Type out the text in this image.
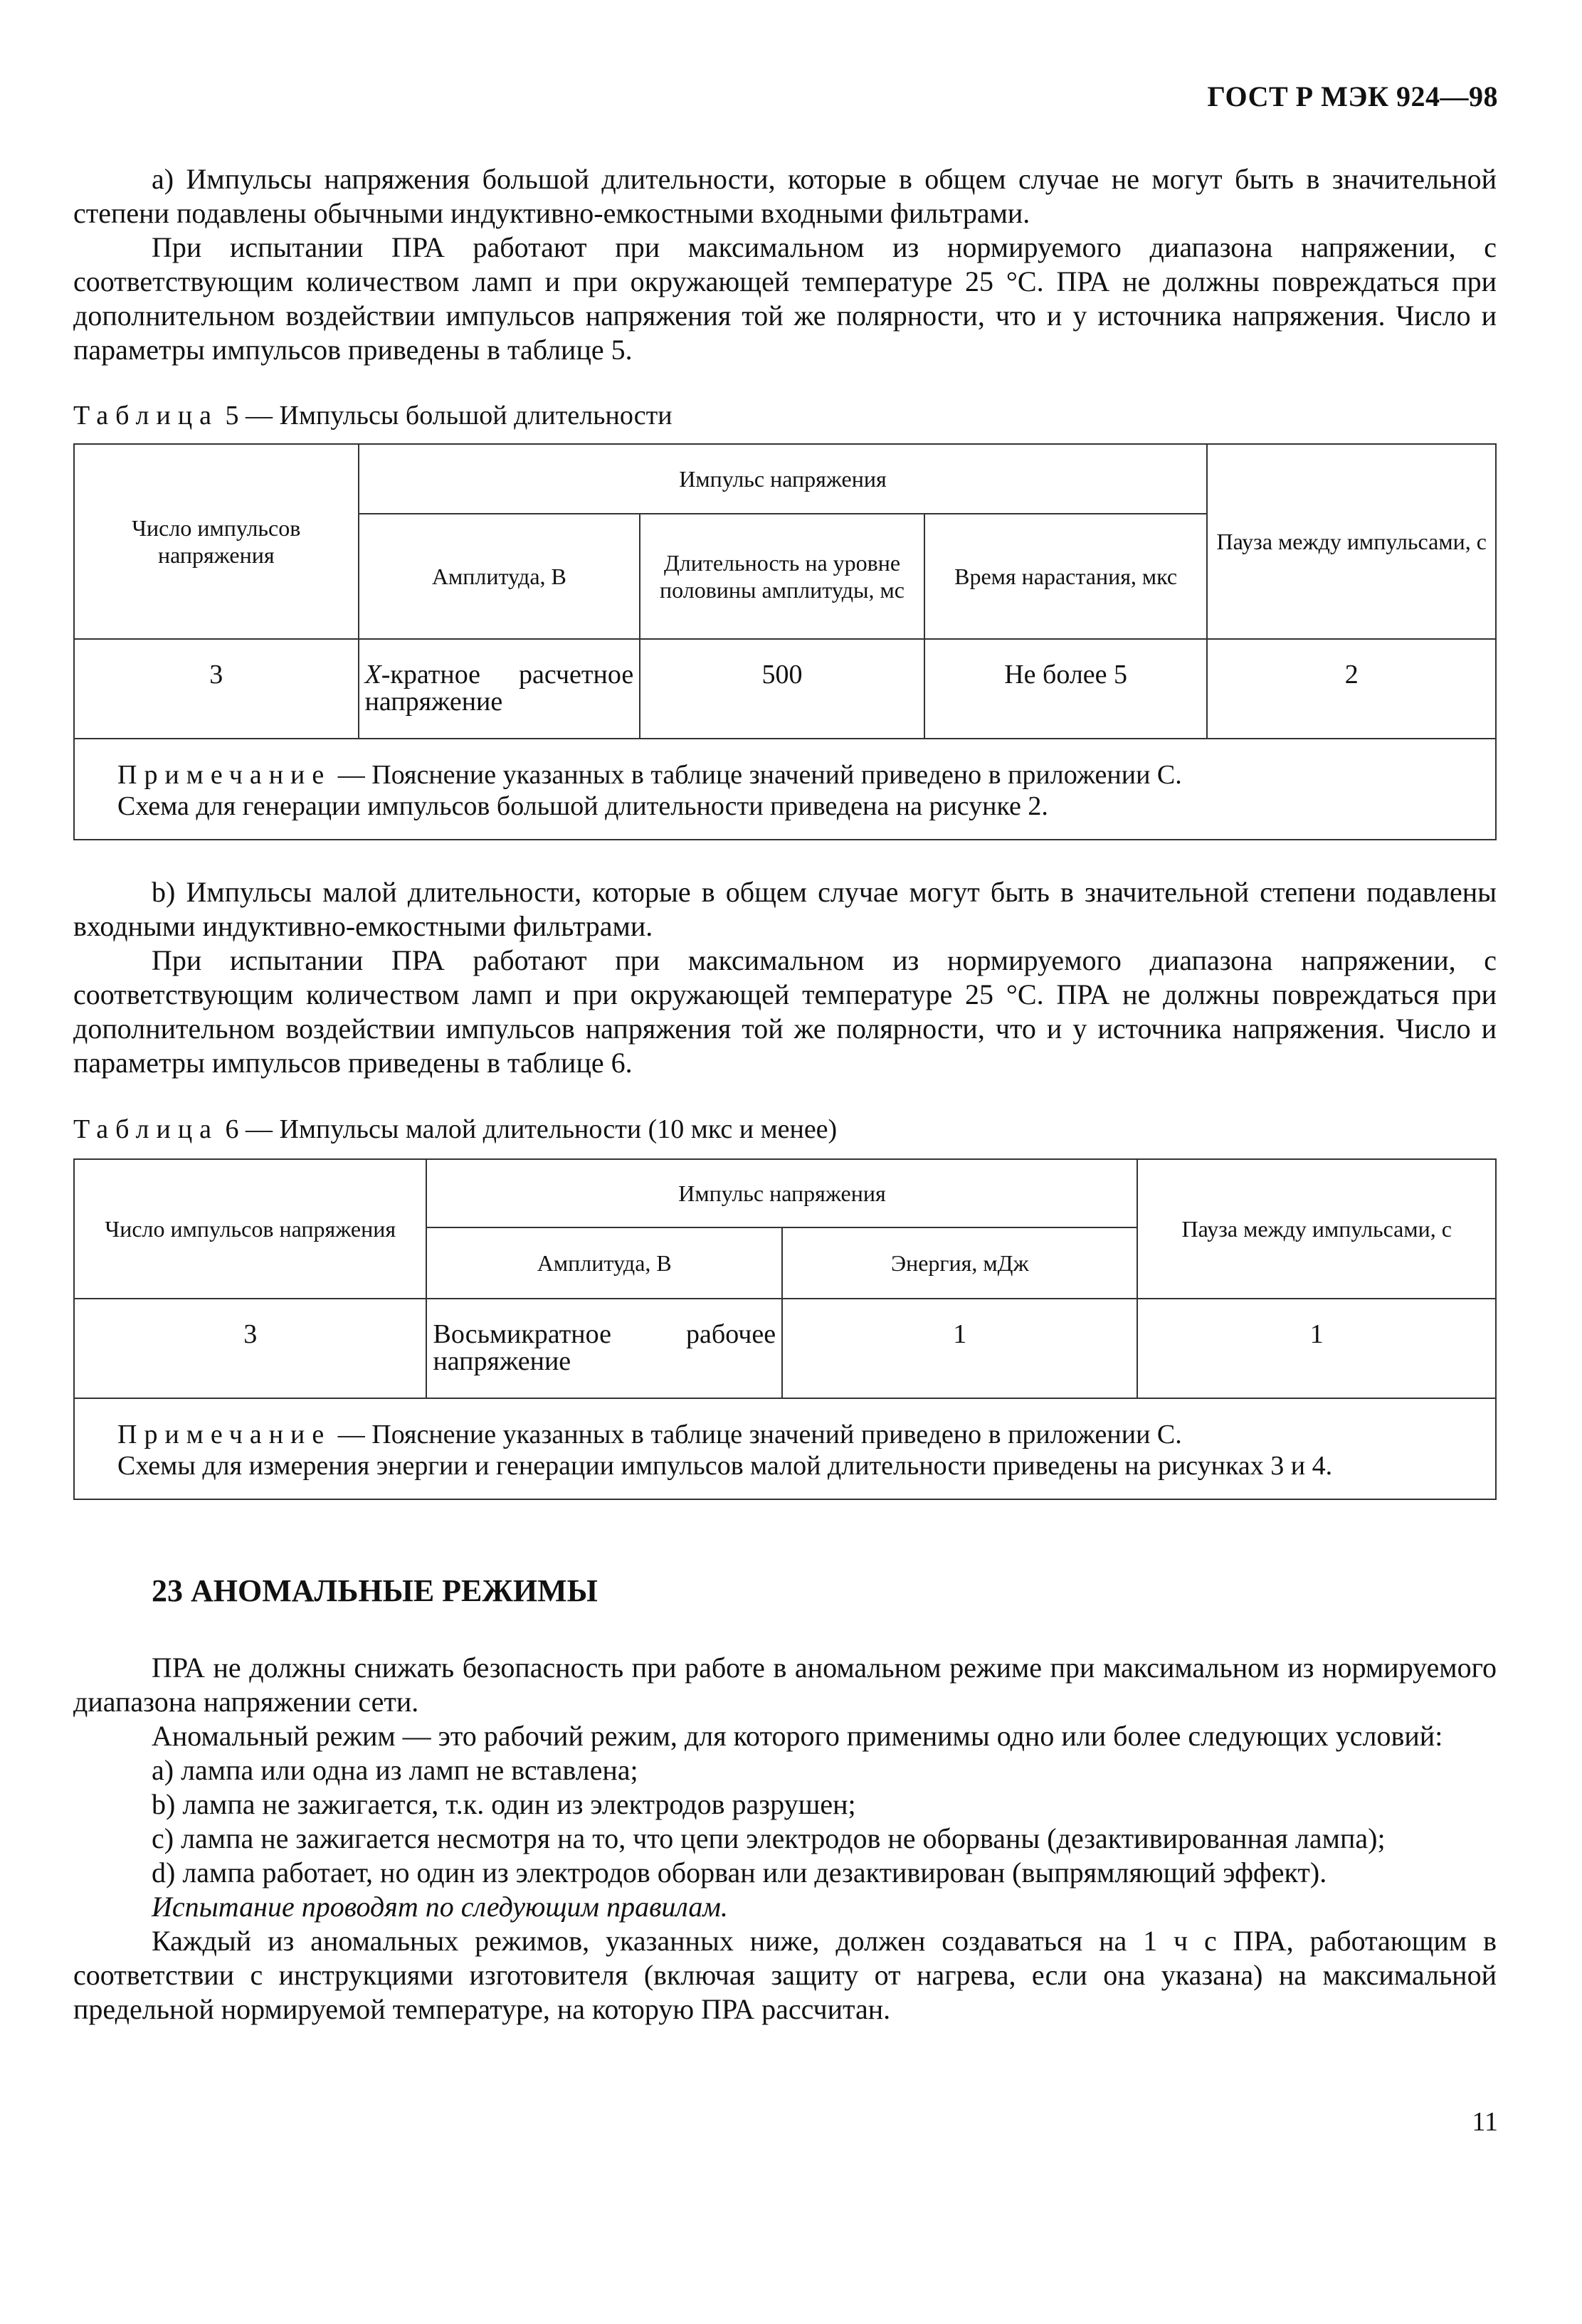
ГОСТ Р МЭК 924—98

a) Импульсы напряжения большой длительности, которые в общем случае не могут быть в значительной степени подавлены обычными индуктивно-емкостными входными фильтрами.

При испытании ПРА работают при максимальном из нормируемого диапазона напряжении, с соответствующим количеством ламп и при окружающей температуре 25 °С. ПРА не должны повреждаться при дополнительном воздействии импульсов напряжения той же полярности, что и у источника напряжения. Число и параметры импульсов приведены в таблице 5.

Таблица 5 — Импульсы большой длительности

Число импульсов напряжения	Импульс напряжения			Пауза между импульсами, с
	Амплитуда, В	Длительность на уровне половины амплитуды, мс	Время нарастания, мкс	
3	X-кратное расчетное напряжение	500	Не более 5	2

Примечание — Пояснение указанных в таблице значений приведено в приложении С.
Схема для генерации импульсов большой длительности приведена на рисунке 2.				

b) Импульсы малой длительности, которые в общем случае могут быть в значительной степени подавлены входными индуктивно-емкостными фильтрами.

При испытании ПРА работают при максимальном из нормируемого диапазона напряжении, с соответствующим количеством ламп и при окружающей температуре 25 °С. ПРА не должны повреждаться при дополнительном воздействии импульсов напряжения той же полярности, что и у источника напряжения. Число и параметры импульсов приведены в таблице 6.

Таблица 6 — Импульсы малой длительности (10 мкс и менее)

Число импульсов напряжения	Импульс напряжения		Пауза между импульсами, с
	Амплитуда, В	Энергия, мДж	
3	Восьмикратное рабочее напряжение	1	1

Примечание — Пояснение указанных в таблице значений приведено в приложении С.
Схемы для измерения энергии и генерации импульсов малой длительности приведены на рисунках 3 и 4.			
23 АНОМАЛЬНЫЕ РЕЖИМЫ

ПРА не должны снижать безопасность при работе в аномальном режиме при максимальном из нормируемого диапазона напряжении сети.

Аномальный режим — это рабочий режим, для которого применимы одно или более следующих условий:

a) лампа или одна из ламп не вставлена;

b) лампа не зажигается, т.к. один из электродов разрушен;

c) лампа не зажигается несмотря на то, что цепи электродов не оборваны (дезактивированная лампа);

d) лампа работает, но один из электродов оборван или дезактивирован (выпрямляющий эффект).

Испытание проводят по следующим правилам.

Каждый из аномальных режимов, указанных ниже, должен создаваться на 1 ч с ПРА, работающим в соответствии с инструкциями изготовителя (включая защиту от нагрева, если она указана) на максимальной предельной нормируемой температуре, на которую ПРА рассчитан.

11
